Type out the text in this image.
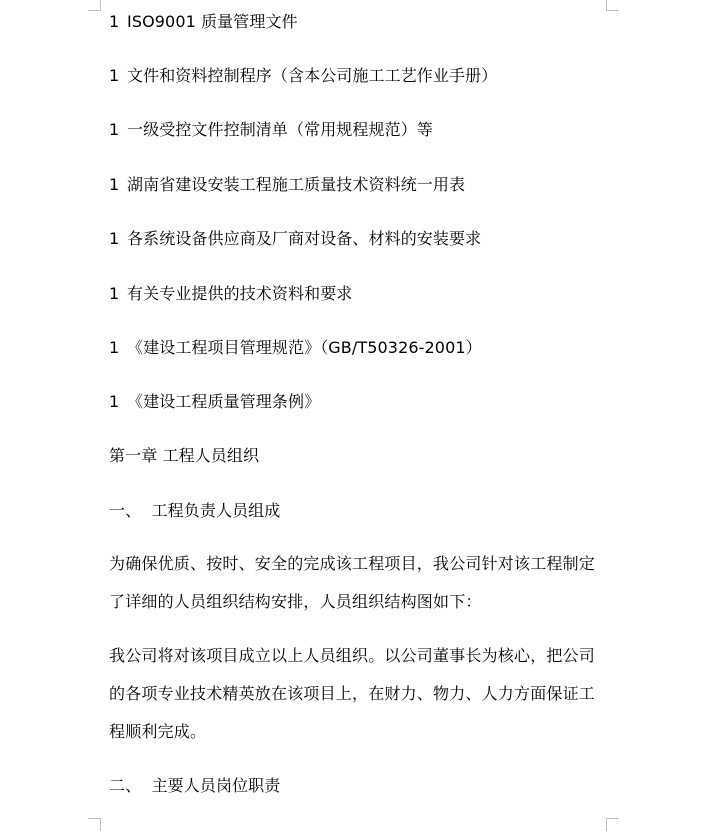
1 ISO9001 质量管理文件
1 文件和资料控制程序（含本公司施工工艺作业手册）
1 一级受控文件控制清单（常用规程规范）等
1 湖南省建设安装工程施工质量技术资料统一用表
1 各系统设备供应商及厂商对设备、材料的安装要求
1 有关专业提供的技术资料和要求
1 《建设工程项目管理规范》（GB/T50326-2001）
1 《建设工程质量管理条例》
第一章 工程人员组织
一、  工程负责人员组成
为确保优质、按时、安全的完成该工程项目，我公司针对该工程制定了详细的人员组织结构安排，人员组织结构图如下：
我公司将对该项目成立以上人员组织。以公司董事长为核心，把公司的各项专业技术精英放在该项目上，在财力、物力、人力方面保证工程顺利完成。
二、  主要人员岗位职责
